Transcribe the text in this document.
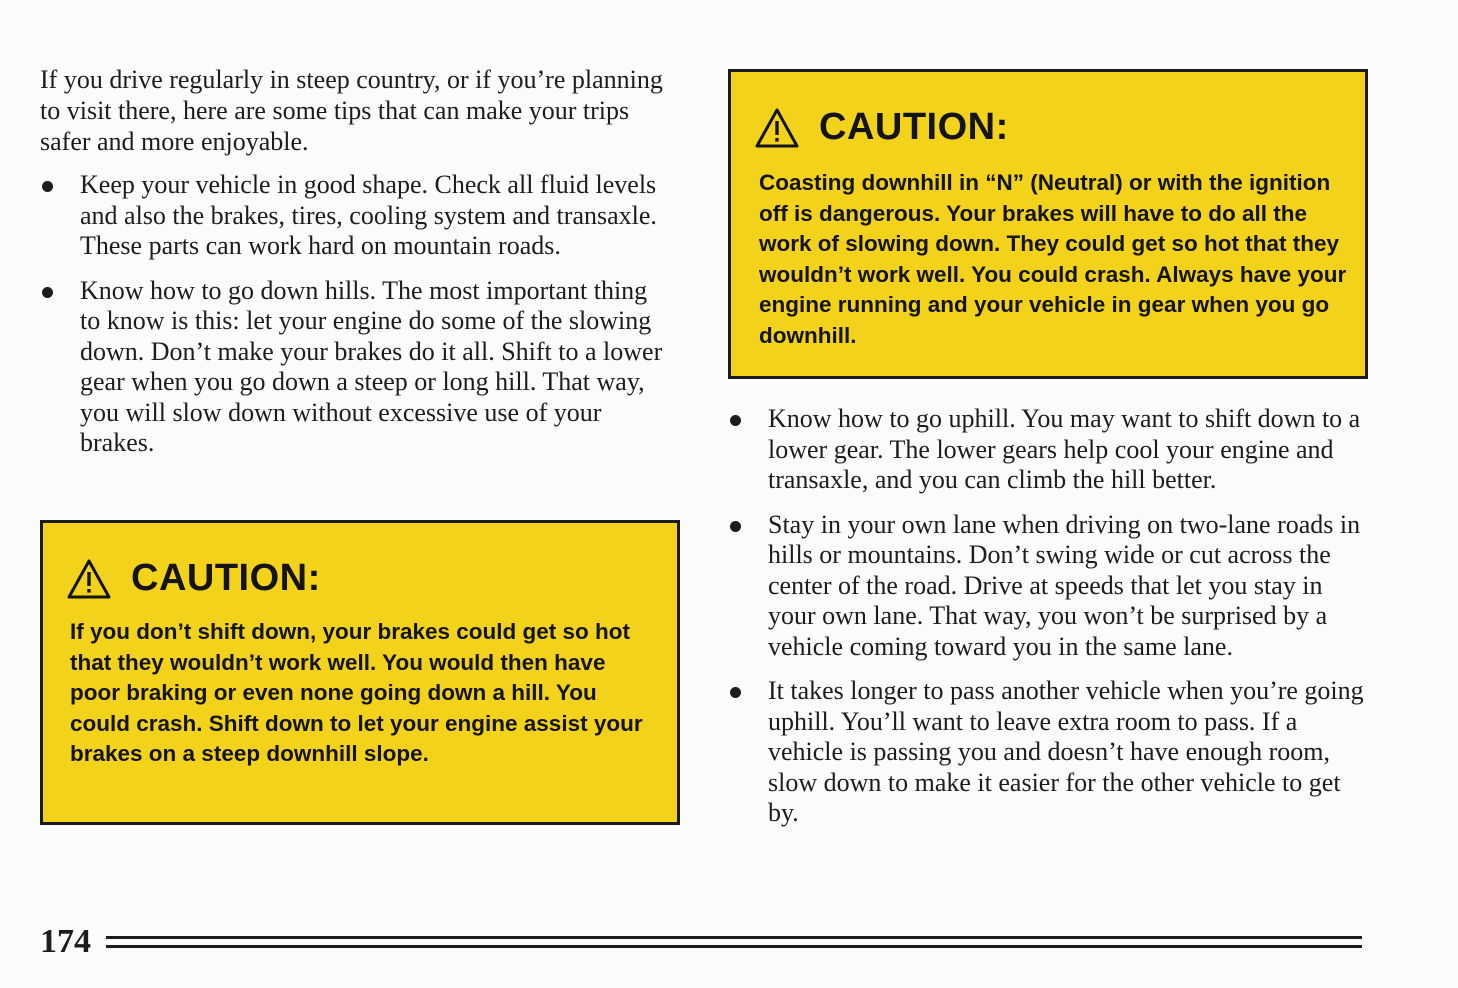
If you drive regularly in steep country, or if you’re planning to visit there, here are some tips that can make your trips safer and more enjoyable.

Keep your vehicle in good shape. Check all fluid levels and also the brakes, tires, cooling system and transaxle. These parts can work hard on mountain roads.
Know how to go down hills. The most important thing to know is this: let your engine do some of the slowing down. Don’t make your brakes do it all. Shift to a lower gear when you go down a steep or long hill. That way, you will slow down without excessive use of your brakes.
CAUTION:

If you don’t shift down, your brakes could get so hot that they wouldn’t work well. You would then have poor braking or even none going down a hill. You could crash. Shift down to let your engine assist your brakes on a steep downhill slope.

CAUTION:

Coasting downhill in “N” (Neutral) or with the ignition off is dangerous. Your brakes will have to do all the work of slowing down. They could get so hot that they wouldn’t work well. You could crash. Always have your engine running and your vehicle in gear when you go downhill.

Know how to go uphill. You may want to shift down to a lower gear. The lower gears help cool your engine and transaxle, and you can climb the hill better.
Stay in your own lane when driving on two-lane roads in hills or mountains. Don’t swing wide or cut across the center of the road. Drive at speeds that let you stay in your own lane. That way, you won’t be surprised by a vehicle coming toward you in the same lane.
It takes longer to pass another vehicle when you’re going uphill. You’ll want to leave extra room to pass. If a vehicle is passing you and doesn’t have enough room, slow down to make it easier for the other vehicle to get by.
174
